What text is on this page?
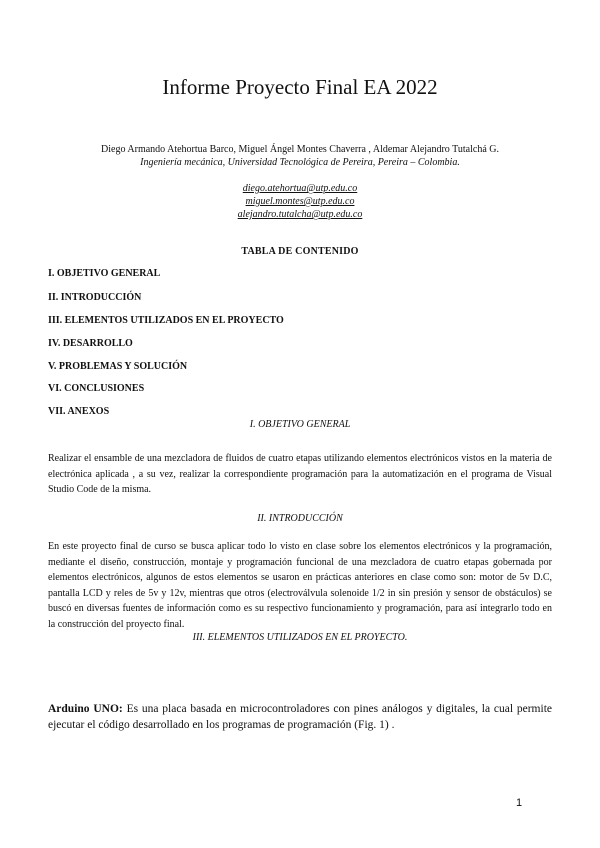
Informe Proyecto Final EA 2022
Diego Armando Atehortua Barco, Miguel Ángel Montes Chaverra , Aldemar Alejandro Tutalchá G.
Ingeniería mecánica, Universidad Tecnológica de Pereira, Pereira – Colombia.
diego.atehortua@utp.edu.co
miguel.montes@utp.edu.co
alejandro.tutalcha@utp.edu.co
TABLA DE CONTENIDO
I. OBJETIVO GENERAL
II. INTRODUCCIÓN
III. ELEMENTOS UTILIZADOS EN EL PROYECTO
IV. DESARROLLO
V. PROBLEMAS Y SOLUCIÓN
VI. CONCLUSIONES
VII. ANEXOS
I. OBJETIVO GENERAL
Realizar el ensamble de una mezcladora de fluidos de cuatro etapas utilizando elementos electrónicos vistos en la materia de electrónica aplicada , a su vez, realizar la correspondiente programación para la automatización en el programa de Visual Studio Code de la misma.
II. INTRODUCCIÓN
En este proyecto final de curso se busca aplicar todo lo visto en clase sobre los elementos electrónicos y la programación, mediante el diseño, construcción, montaje y programación funcional de una mezcladora de cuatro etapas gobernada por elementos electrónicos, algunos de estos elementos se usaron en prácticas anteriores en clase como son: motor de 5v D.C, pantalla LCD y reles de 5v y 12v, mientras que otros (electroválvula solenoide 1/2 in sin presión y sensor de obstáculos) se buscó en diversas fuentes de información como es su respectivo funcionamiento y programación, para así integrarlo todo en la construcción del proyecto final.
III. ELEMENTOS UTILIZADOS EN EL PROYECTO.
Arduino UNO: Es una placa basada en microcontroladores con pines análogos y digitales, la cual permite ejecutar el código desarrollado en los programas de programación (Fig. 1) .
1
